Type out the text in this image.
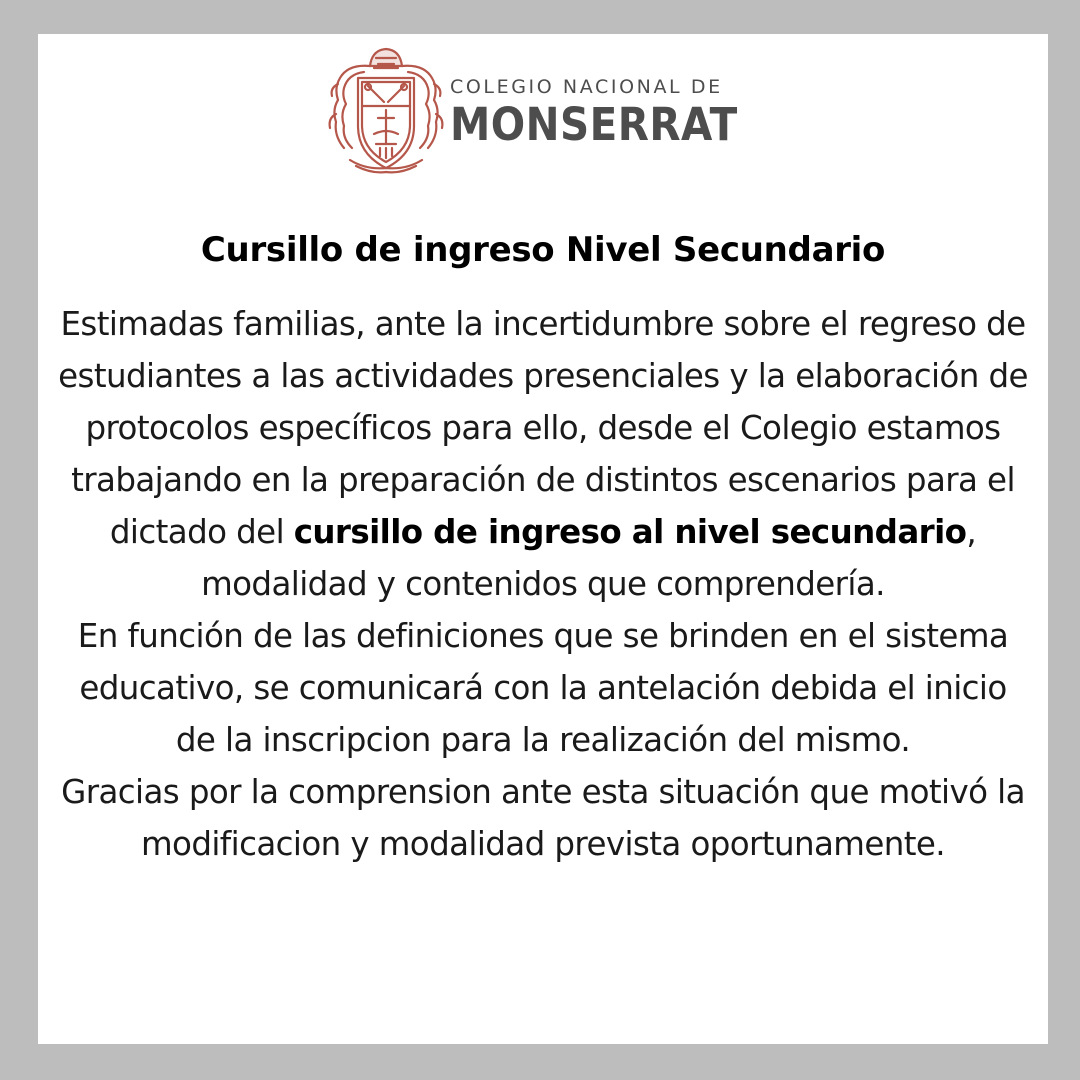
COLEGIO NACIONAL DE
MONSERRAT
Cursillo de ingreso Nivel Secundario

Estimadas familias, ante la incertidumbre sobre el regreso de estudiantes a las actividades presenciales y la elaboración de protocolos específicos para ello, desde el Colegio estamos trabajando en la preparación de distintos escenarios para el dictado del cursillo de ingreso al nivel secundario, modalidad y contenidos que comprendería.

En función de las definiciones que se brinden en el sistema educativo, se comunicará con la antelación debida el inicio de la inscripcion para la realización del mismo.

Gracias por la comprension ante esta situación que motivó la modificacion y modalidad prevista oportunamente.
